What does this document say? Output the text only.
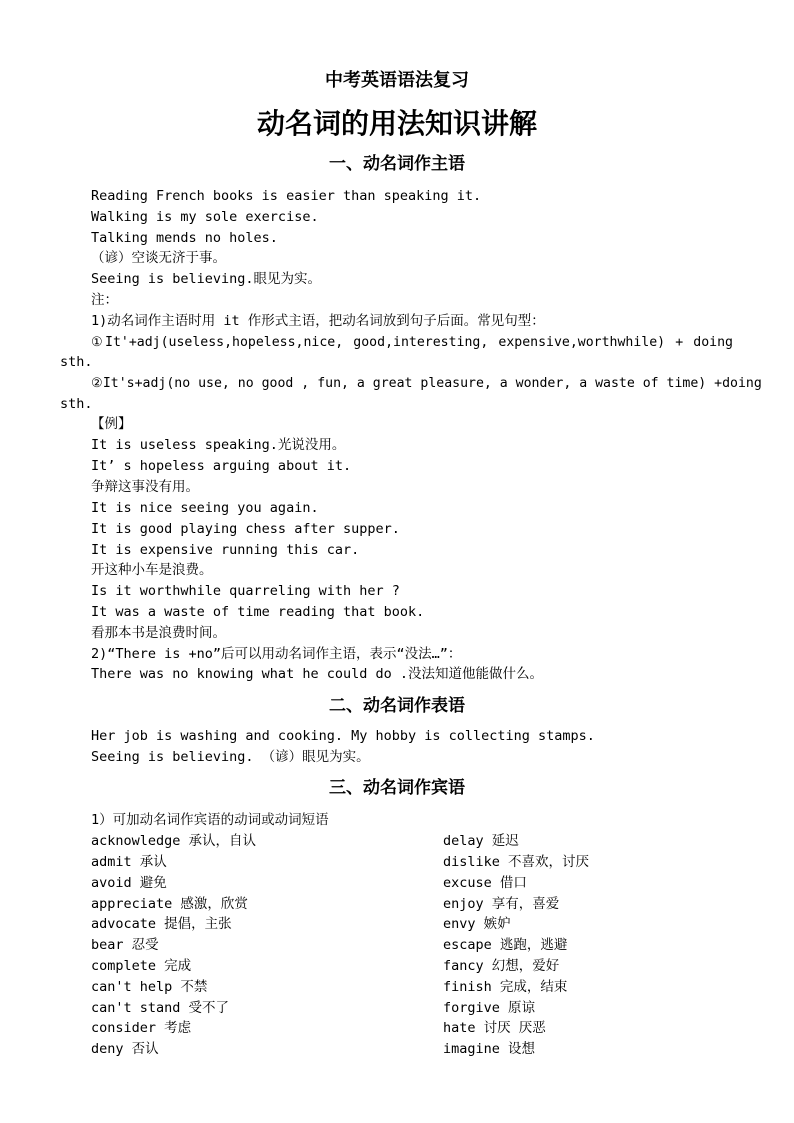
中考英语语法复习
动名词的用法知识讲解
一、动名词作主语
Reading French books is easier than speaking it.
Walking is my sole exercise.
Talking mends no holes.
（谚）空谈无济于事。
Seeing is believing.眼见为实。
注：
1)动名词作主语时用 it 作形式主语，把动名词放到句子后面。常见句型：
①It'+adj(useless,hopeless,nice, good,interesting, expensive,worthwhile) + doing
sth.
②It's+adj(no use, no good , fun, a great pleasure, a wonder, a waste of time) +doing
sth.
【例】
It is useless speaking.光说没用。
It’ s hopeless arguing about it.
争辩这事没有用。
It is nice seeing you again.
It is good playing chess after supper.
It is expensive running this car.
开这种小车是浪费。
Is it worthwhile quarreling with her ?
It was a waste of time reading that book.
看那本书是浪费时间。
2)“There is +no”后可以用动名词作主语，表示“没法…”：
There was no knowing what he could do .没法知道他能做什么。
二、动名词作表语
Her job is washing and cooking. My hobby is collecting stamps.
Seeing is believing. （谚）眼见为实。
三、动名词作宾语
1）可加动名词作宾语的动词或动词短语
acknowledge 承认，自认
admit 承认
avoid 避免
appreciate 感激，欣赏
advocate 提倡，主张
bear 忍受
complete 完成
can't help 不禁
can't stand 受不了
consider 考虑
deny 否认
delay 延迟
dislike 不喜欢，讨厌
excuse 借口
enjoy 享有，喜爱
envy 嫉妒
escape 逃跑，逃避
fancy 幻想，爱好
finish 完成，结束
forgive 原谅
hate 讨厌 厌恶
imagine 设想
